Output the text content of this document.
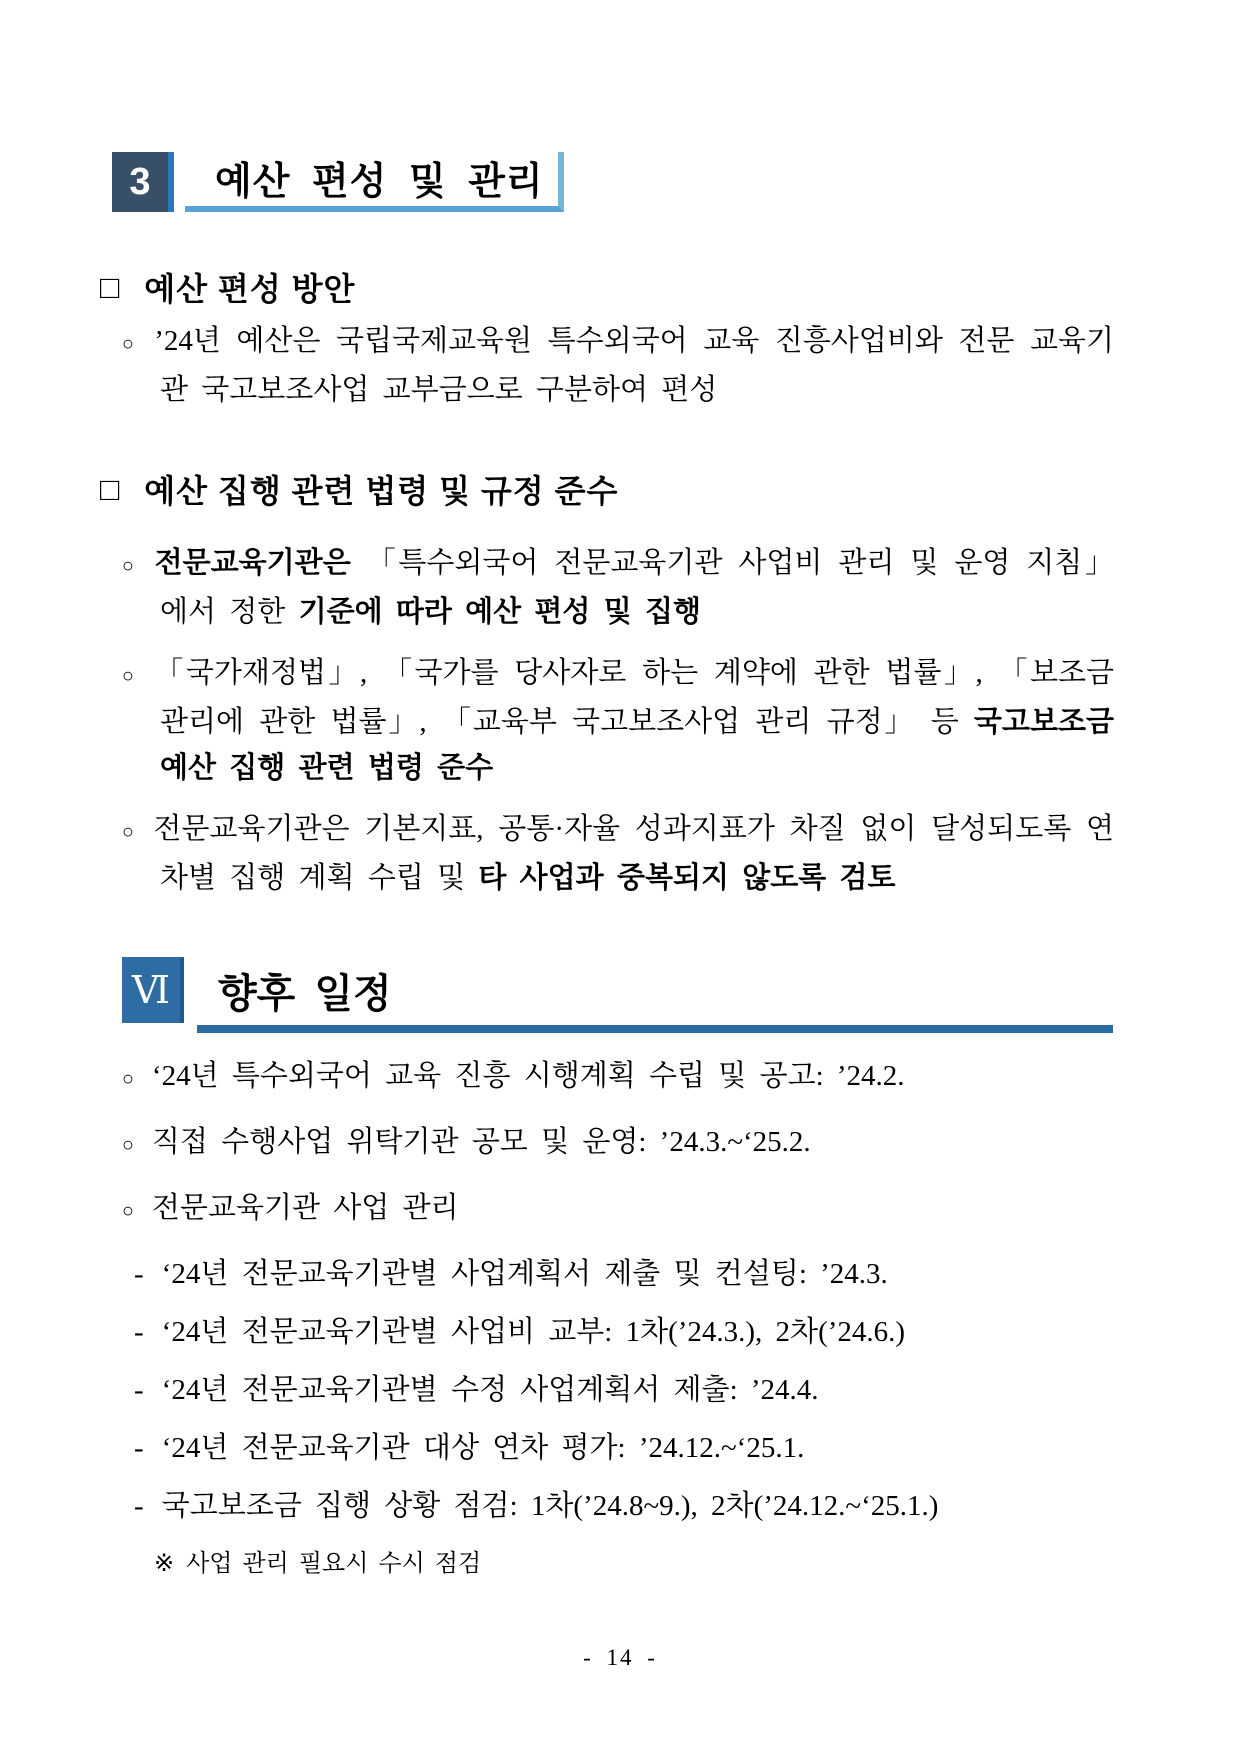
3 예산 편성 및 관리
□ 예산 편성 방안

○ ’24년 예산은 국립국제교육원 특수외국어 교육 진흥사업비와 전문 교육기관 국고보조사업 교부금으로 구분하여 편성

□ 예산 집행 관련 법령 및 규정 준수

○ 전문교육기관은 「특수외국어 전문교육기관 사업비 관리 및 운영 지침」에서 정한 기준에 따라 예산 편성 및 집행

○ 「국가재정법」, 「국가를 당사자로 하는 계약에 관한 법률」, 「보조금 관리에 관한 법률」, 「교육부 국고보조사업 관리 규정」 등 국고보조금 예산 집행 관련 법령 준수

○ 전문교육기관은 기본지표, 공통·자율 성과지표가 차질 없이 달성되도록 연차별 집행 계획 수립 및 타 사업과 중복되지 않도록 검토

Ⅵ 향후 일정

○ ‘24년 특수외국어 교육 진흥 시행계획 수립 및 공고: ’24.2.

○ 직접 수행사업 위탁기관 공모 및 운영: ’24.3.~‘25.2.

○ 전문교육기관 사업 관리

- ‘24년 전문교육기관별 사업계획서 제출 및 컨설팅: ’24.3.

- ‘24년 전문교육기관별 사업비 교부: 1차(’24.3.), 2차(’24.6.)

- ‘24년 전문교육기관별 수정 사업계획서 제출: ’24.4.

- ‘24년 전문교육기관 대상 연차 평가: ’24.12.~‘25.1.

- 국고보조금 집행 상황 점검: 1차(’24.8~9.), 2차(’24.12.~‘25.1.)

※ 사업 관리 필요시 수시 점검

- 14 -
